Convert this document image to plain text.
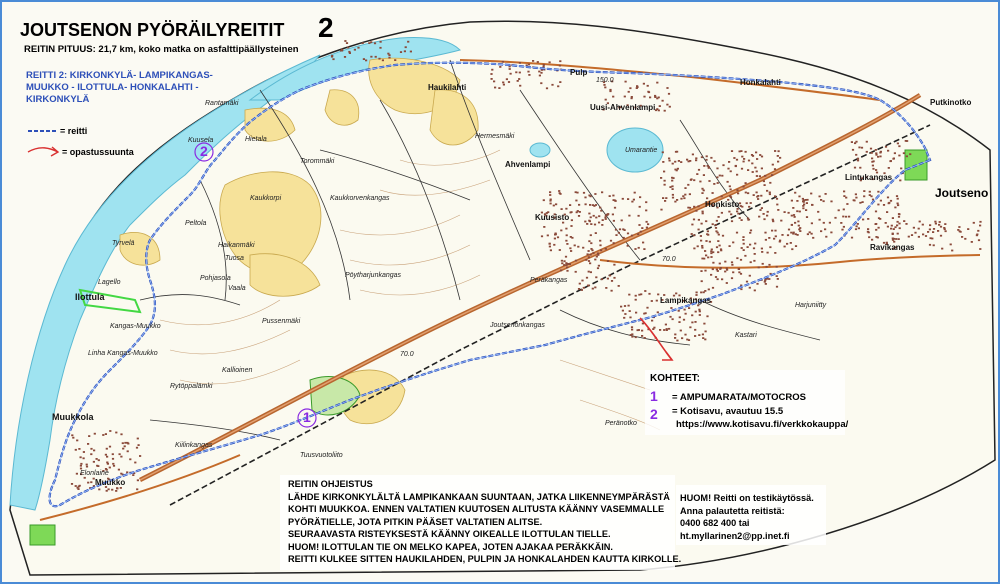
JOUTSENON PYÖRÄILYREITIT 2
REITIN PITUUS: 21,7 km, koko matka on asfalttipäällysteinen
REITTI 2: KIRKONKYLÄ- LAMPIKANGAS-
MUUKKO - ILOTTULA- HONKALAHTI -
KIRKONKYLÄ
= reitti
= opastussuunta
Joutseno
Haukilahti
Pulp
Honkalahti
Putkinotko
Lintukangas
Ahvenlampi
Uusi-Ahvenlampi
Kuusisto
Honkisto
Ravikangas
Lampikangas
Ilottula
Muukkola
Muukko
Kuusela
Torommäki
Kaukkorpi
Peräkangas
Joutsenonkangas
Harjuniitty
Kastari
Rantamäki
Hietala
Kaukkorvenkangas
Pöytharjunkangas
Umarantie
Hermesmäki
Tuusvuotoliito
Peränotko
Kiilinkangas
Peltola
Tyrvelä
Lagello
Kangas-Muukko
Linha Kangas-Muukko
Rytöppalämki
Vaala
Tuosa
Haikanmäki
Pohjasola
Kallioinen
Pussenmäki
Elonlaine
70.0
70.0
150.0
1
2
KOHTEET:
1 = AMPUMARATA/MOTOCROS
2 = Kotisavu, avautuu 15.5
https://www.kotisavu.fi/verkkokauppa/
REITIN OHJEISTUS
LÄHDE KIRKONKYLÄLTÄ LAMPIKANKAAN SUUNTAAN, JATKA LIIKENNEYMPÄRÄSTÄ
KOHTI MUUKKOA. ENNEN VALTATIEN KUUTOSEN ALITUSTA KÄÄNNY VASEMMALLE
PYÖRÄTIELLE, JOTA PITKIN PÄÄSET VALTATIEN ALITSE.
SEURAAVASTA RISTEYKSESTÄ KÄÄNNY OIKEALLE ILOTTULAN TIELLE.
HUOM! ILOTTULAN TIE ON MELKO KAPEA, JOTEN AJAKAA PERÄKKÄIN.
REITTI KULKEE SITTEN HAUKILAHDEN, PULPIN JA HONKALAHDEN KAUTTA KIRKOLLE.
HUOM! Reitti on testikäytössä.
Anna palautetta reitistä:
0400 682 400 tai
ht.myllarinen2@pp.inet.fi
